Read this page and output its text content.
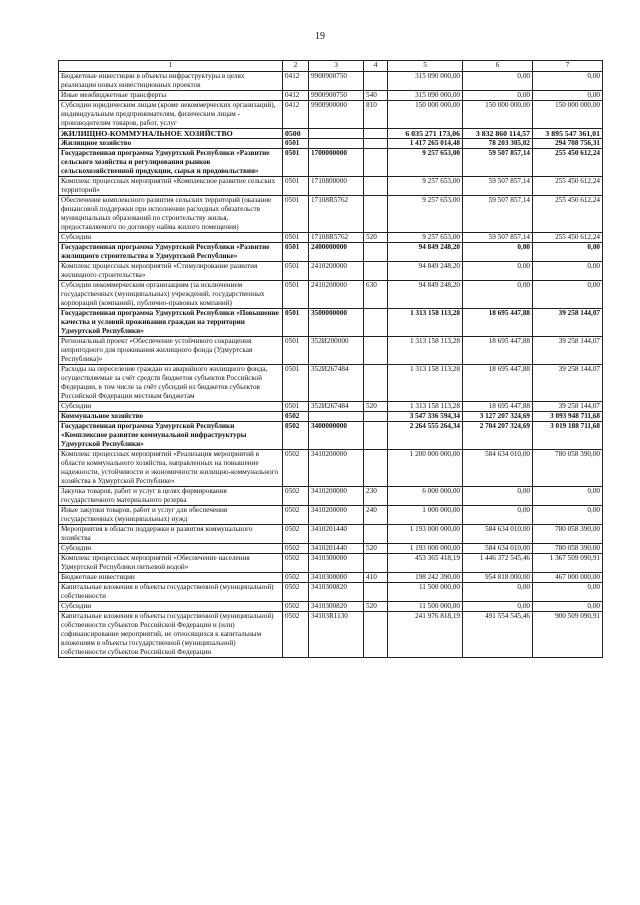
19
1	2	3	4	5	6	7
Бюджетные инвестиции в объекты инфраструктуры в целях реализации новых инвестиционных проектов	0412	9900900750		315 090 000,00	0,00	0,00
Иные межбюджетные трансферты	0412	9900900750	540	315 090 000,00	0,00	0,00
Субсидии юридическим лицам (кроме некоммерческих организаций), индивидуальным предпринимателям, физическим лицам - производителям товаров, работ, услуг	0412	9900900000	810	150 000 000,00	150 000 000,00	150 000 000,00
ЖИЛИЩНО-КОММУНАЛЬНОЕ ХОЗЯЙСТВО	0500			6 035 271 173,06	3 832 860 114,57	3 895 547 361,01
Жилищное хозяйство	0501			1 417 265 014,48	78 203 305,02	294 708 756,31
Государственная программа Удмуртской Республики «Развитие сельского хозяйства и регулирования рынков сельскохозяйственной продукции, сырья и продовольствия»	0501	1700000000		9 257 653,00	59 507 857,14	255 450 612,24
Комплекс процессных мероприятий «Комплексное развитие сельских территорий»	0501	1710800000		9 257 653,00	59 507 857,14	255 450 612,24
Обеспечение комплексного развития сельских территорий (оказание финансовой поддержки при исполнении расходных обязательств муниципальных образований по строительству жилья, предоставляемого по договору найма жилого помещения)	0501	17108R5762		9 257 653,00	59 507 857,14	255 450 612,24
Субсидии	0501	17108R5762	520	9 257 653,00	59 507 857,14	255 450 612,24
Государственная программа Удмуртской Республики «Развитие жилищного строительства в Удмуртской Республике»	0501	2400000000		94 849 248,20	0,00	0,00
Комплекс процессных мероприятий «Стимулирование развития жилищного строительства»	0501	2410200000		94 849 248,20	0,00	0,00
Субсидии некоммерческим организациям (за исключением государственных (муниципальных) учреждений, государственных корпораций (компаний), публично-правовых компаний)	0501	2410200000	630	94 849 248,20	0,00	0,00
Государственная программа Удмуртской Республики «Повышение качества и условий проживания граждан на территории Удмуртской Республики»	0501	3500000000		1 313 158 113,28	18 695 447,88	39 258 144,07
Региональный проект «Обеспечение устойчивого сокращения непригодного для проживания жилищного фонда (Удмуртская Республика)»	0501	352И200000		1 313 158 113,28	18 695 447,88	39 258 144,07
Расходы на переселение граждан из аварийного жилищного фонда, осуществляемые за счёт средств бюджетов субъектов Российской Федерации, в том числе за счёт субсидий из бюджетов субъектов Российской Федерации местным бюджетам	0501	352И267484		1 313 158 113,28	18 695 447,88	39 258 144,07
Субсидии	0501	352И267484	520	1 313 158 113,28	18 695 447,88	39 258 144,07
Коммунальное хозяйство	0502			3 547 336 594,34	3 127 207 324,69	3 093 948 711,68
Государственная программа Удмуртской Республики «Комплексное развитие коммунальной инфраструктуры Удмуртской Республики»	0502	3400000000		2 264 555 264,34	2 704 207 324,69	3 019 188 711,68
Комплекс процессных мероприятий «Реализация мероприятий в области коммунального хозяйства, направленных на повышение надежности, устойчивости и экономичности жилищно-коммунального хозяйства в Удмуртской Республике»	0502	3410200000		1 200 000 000,00	584 634 010,00	780 058 390,00
Закупка товаров, работ и услуг в целях формирования государственного материального резерва	0502	3410200000	230	6 000 000,00	0,00	0,00
Иные закупки товаров, работ и услуг для обеспечения государственных (муниципальных) нужд	0502	3410200000	240	1 000 000,00	0,00	0,00
Мероприятия в области поддержки и развития коммунального хозяйства	0502	3410201440		1 193 000 000,00	584 634 010,00	780 058 390,00
Субсидии	0502	3410201440	520	1 193 000 000,00	584 634 010,00	780 058 390,00
Комплекс процессных мероприятий «Обеспечение населения Удмуртской Республики питьевой водой»	0502	3410300000		453 365 418,19	1 446 372 545,46	1 367 509 090,91
Бюджетные инвестиции	0502	3410300000	410	198 242 390,00	954 818 000,00	467 000 000,00
Капитальные вложения в объекты государственной (муниципальной) собственности	0502	3410300820		11 500 000,00	0,00	0,00
Субсидии	0502	3410300820	520	11 500 000,00	0,00	0,00
Капитальные вложения в объекты государственной (муниципальной) собственности субъектов Российской Федерации и (или) софинансирование мероприятий, не относящихся к капитальным вложениям в объекты государственной (муниципальной) собственности субъектов Российской Федерации	0502	34103R1130		241 976 818,19	491 554 545,46	900 509 090,91
